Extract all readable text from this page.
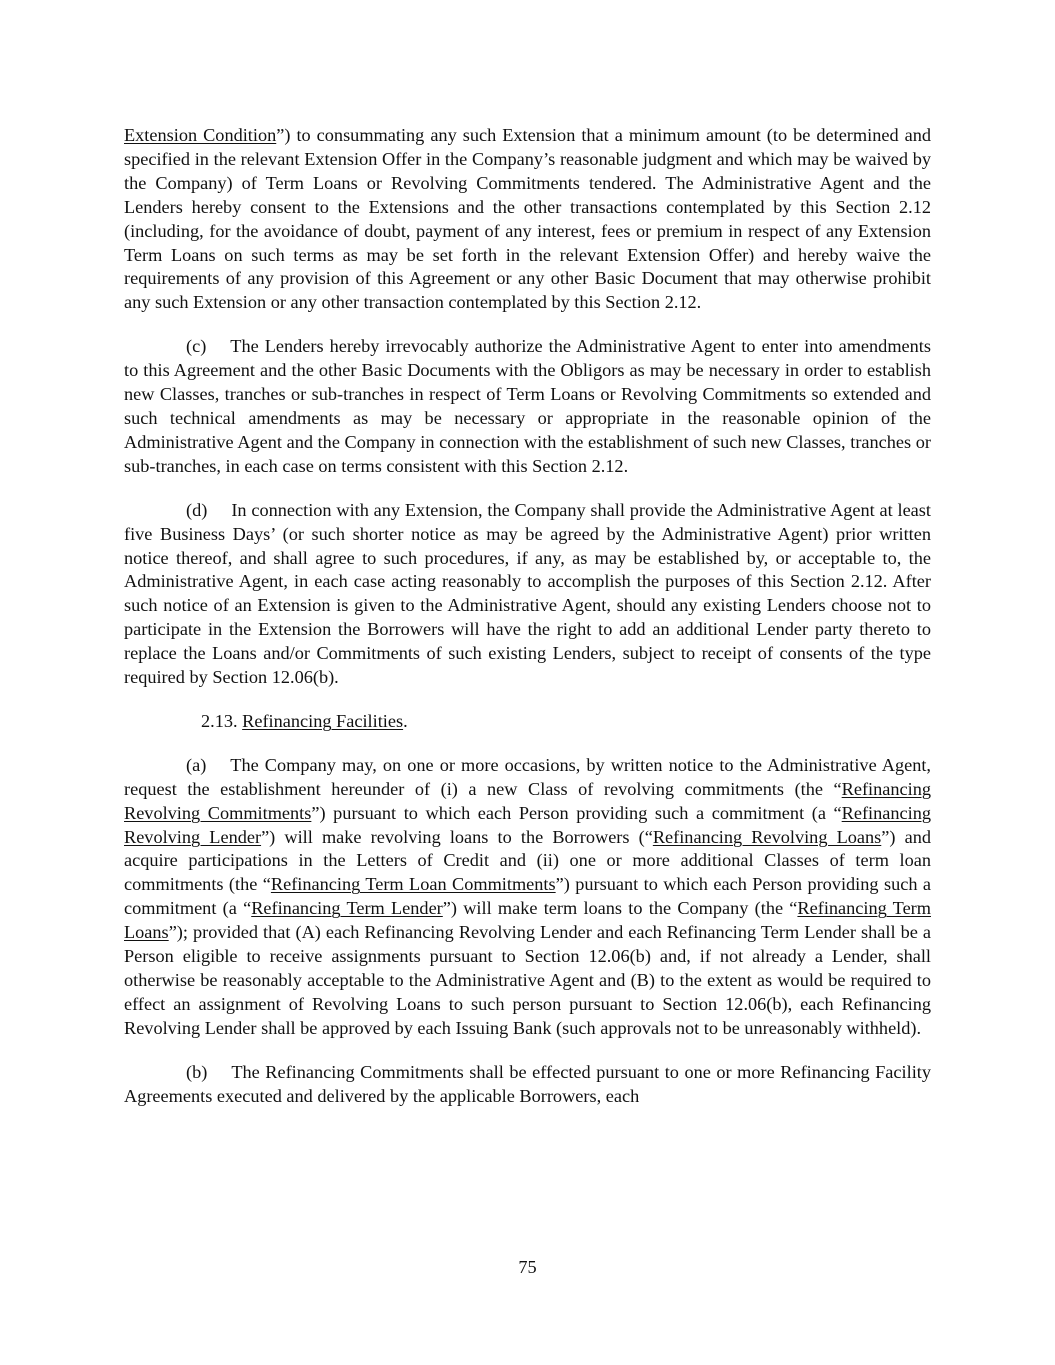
Extension Condition”) to consummating any such Extension that a minimum amount (to be determined and specified in the relevant Extension Offer in the Company’s reasonable judgment and which may be waived by the Company) of Term Loans or Revolving Commitments tendered. The Administrative Agent and the Lenders hereby consent to the Extensions and the other transactions contemplated by this Section 2.12 (including, for the avoidance of doubt, payment of any interest, fees or premium in respect of any Extension Term Loans on such terms as may be set forth in the relevant Extension Offer) and hereby waive the requirements of any provision of this Agreement or any other Basic Document that may otherwise prohibit any such Extension or any other transaction contemplated by this Section 2.12.

(c) The Lenders hereby irrevocably authorize the Administrative Agent to enter into amendments to this Agreement and the other Basic Documents with the Obligors as may be necessary in order to establish new Classes, tranches or sub-tranches in respect of Term Loans or Revolving Commitments so extended and such technical amendments as may be necessary or appropriate in the reasonable opinion of the Administrative Agent and the Company in connection with the establishment of such new Classes, tranches or sub-tranches, in each case on terms consistent with this Section 2.12.

(d) In connection with any Extension, the Company shall provide the Administrative Agent at least five Business Days’ (or such shorter notice as may be agreed by the Administrative Agent) prior written notice thereof, and shall agree to such procedures, if any, as may be established by, or acceptable to, the Administrative Agent, in each case acting reasonably to accomplish the purposes of this Section 2.12. After such notice of an Extension is given to the Administrative Agent, should any existing Lenders choose not to participate in the Extension the Borrowers will have the right to add an additional Lender party thereto to replace the Loans and/or Commitments of such existing Lenders, subject to receipt of consents of the type required by Section 12.06(b).

2.13. Refinancing Facilities.

(a) The Company may, on one or more occasions, by written notice to the Administrative Agent, request the establishment hereunder of (i) a new Class of revolving commitments (the “Refinancing Revolving Commitments”) pursuant to which each Person providing such a commitment (a “Refinancing Revolving Lender”) will make revolving loans to the Borrowers (“Refinancing Revolving Loans”) and acquire participations in the Letters of Credit and (ii) one or more additional Classes of term loan commitments (the “Refinancing Term Loan Commitments”) pursuant to which each Person providing such a commitment (a “Refinancing Term Lender”) will make term loans to the Company (the “Refinancing Term Loans”); provided that (A) each Refinancing Revolving Lender and each Refinancing Term Lender shall be a Person eligible to receive assignments pursuant to Section 12.06(b) and, if not already a Lender, shall otherwise be reasonably acceptable to the Administrative Agent and (B) to the extent as would be required to effect an assignment of Revolving Loans to such person pursuant to Section 12.06(b), each Refinancing Revolving Lender shall be approved by each Issuing Bank (such approvals not to be unreasonably withheld).

(b) The Refinancing Commitments shall be effected pursuant to one or more Refinancing Facility Agreements executed and delivered by the applicable Borrowers, each

75
